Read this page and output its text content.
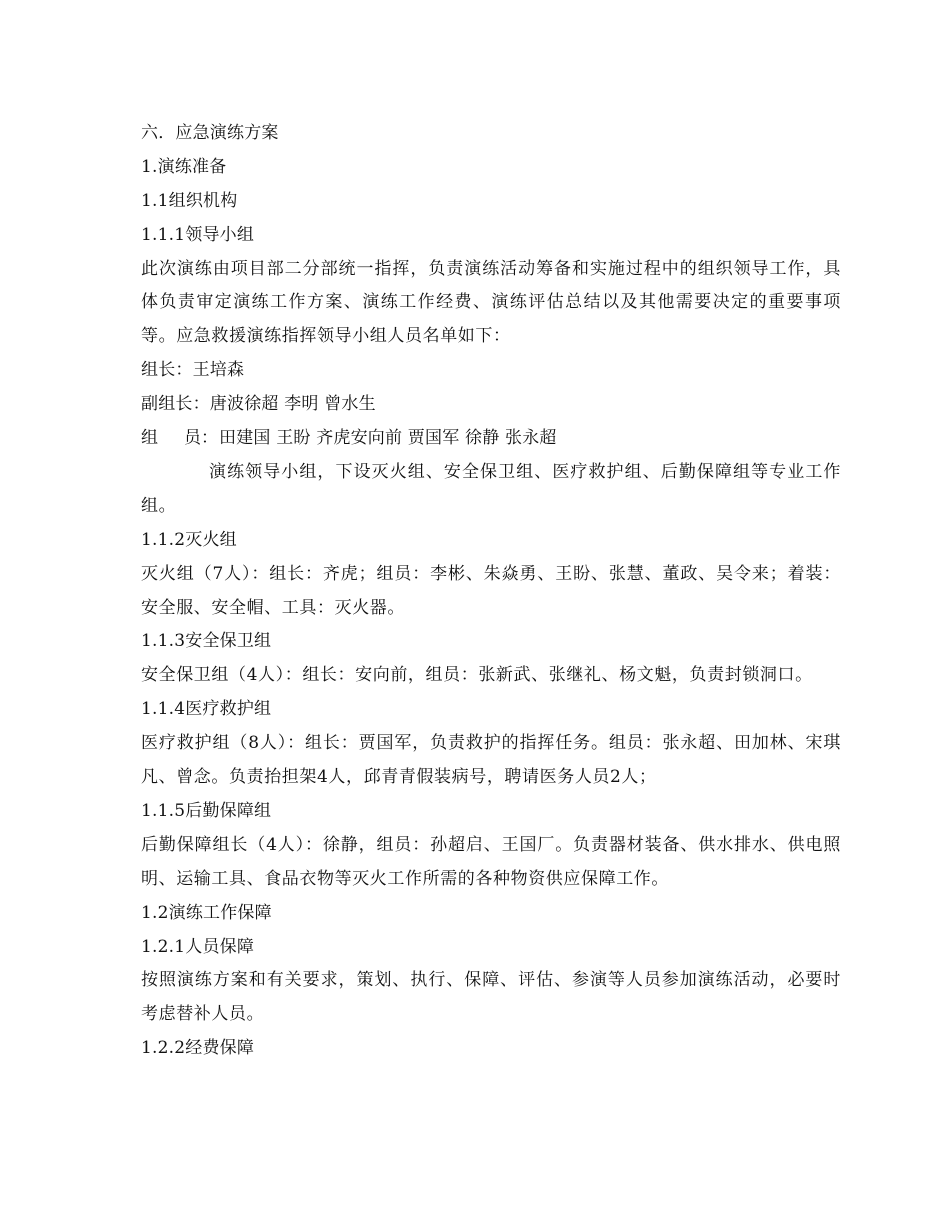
六．应急演练方案
1.演练准备
1.1组织机构
1.1.1领导小组

此次演练由项目部二分部统一指挥，负责演练活动筹备和实施过程中的组织领导工作，具体负责审定演练工作方案、演练工作经费、演练评估总结以及其他需要决定的重要事项等。应急救援演练指挥领导小组人员名单如下：

组长：王培森
副组长：唐波徐超 李明 曾水生
组 员：田建国 王盼 齐虎安向前 贾国军 徐静 张永超

演练领导小组，下设灭火组、安全保卫组、医疗救护组、后勤保障组等专业工作组。

1.1.2灭火组

灭火组（7人）：组长：齐虎；组员：李彬、朱焱勇、王盼、张慧、董政、吴令来；着装：安全服、安全帽、工具：灭火器。

1.1.3安全保卫组

安全保卫组（4人）：组长：安向前，组员：张新武、张继礼、杨文魁，负责封锁洞口。

1.1.4医疗救护组

医疗救护组（8人）：组长：贾国军，负责救护的指挥任务。组员：张永超、田加林、宋琪凡、曾念。负责抬担架4人，邱青青假装病号，聘请医务人员2人；

1.1.5后勤保障组

后勤保障组长（4人）：徐静，组员：孙超启、王国厂。负责器材装备、供水排水、供电照明、运输工具、食品衣物等灭火工作所需的各种物资供应保障工作。

1.2演练工作保障
1.2.1人员保障

按照演练方案和有关要求，策划、执行、保障、评估、参演等人员参加演练活动，必要时考虑替补人员。

1.2.2经费保障
